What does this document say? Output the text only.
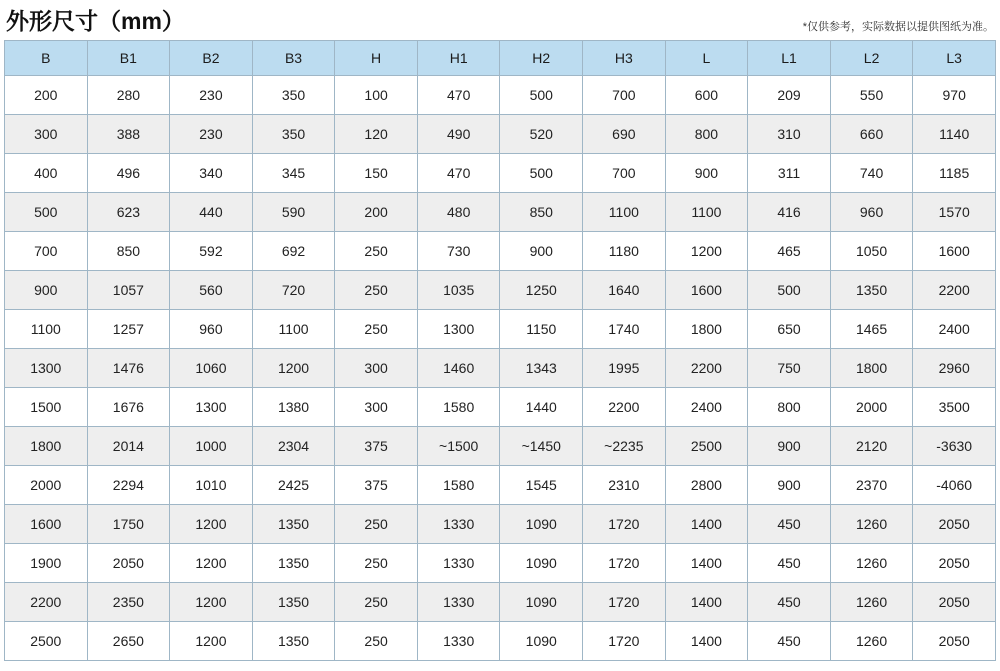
外形尺寸（mm）	*仅供参考，实际数据以提供图纸为准。
B	B1	B2	B3	H	H1	H2	H3	L	L1	L2	L3
200	280	230	350	100	470	500	700	600	209	550	970
300	388	230	350	120	490	520	690	800	310	660	1140
400	496	340	345	150	470	500	700	900	311	740	1185
500	623	440	590	200	480	850	1100	1100	416	960	1570
700	850	592	692	250	730	900	1180	1200	465	1050	1600
900	1057	560	720	250	1035	1250	1640	1600	500	1350	2200
1100	1257	960	1100	250	1300	1150	1740	1800	650	1465	2400
1300	1476	1060	1200	300	1460	1343	1995	2200	750	1800	2960
1500	1676	1300	1380	300	1580	1440	2200	2400	800	2000	3500
1800	2014	1000	2304	375	~1500	~1450	~2235	2500	900	2120	-3630
2000	2294	1010	2425	375	1580	1545	2310	2800	900	2370	-4060
1600	1750	1200	1350	250	1330	1090	1720	1400	450	1260	2050
1900	2050	1200	1350	250	1330	1090	1720	1400	450	1260	2050
2200	2350	1200	1350	250	1330	1090	1720	1400	450	1260	2050
2500	2650	1200	1350	250	1330	1090	1720	1400	450	1260	2050
